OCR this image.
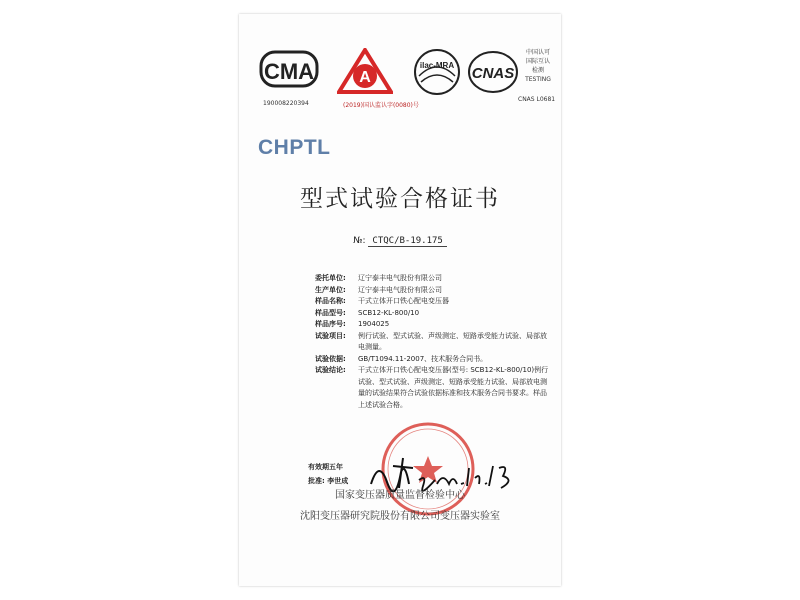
CMA
190008220394
A
(2019)国认监认字(0080)号
ilac-MRA CNAS
中国认可
国际互认
检测
TESTING
CNAS L0681
CHPTL
型式试验合格证书
№: CTQC/B-19.175
委托单位:	辽宁泰丰电气股份有限公司
生产单位:	辽宁泰丰电气股份有限公司
样品名称:	干式立体开口铁心配电变压器
样品型号:	SCB12-KL-800/10
样品序号:	1904025
试验项目:	例行试验、型式试验、声级测定、短路承受能力试验、局部放电测量。
试验依据:	GB/T1094.11-2007、技术服务合同书。
试验结论:	干式立体开口铁心配电变压器(型号: SCB12-KL-800/10)例行试验、型式试验、声级测定、短路承受能力试验、局部放电测量的试验结果符合试验依据标准和技术服务合同书要求。样品上述试验合格。
有效期五年
批准: 李世成
国家变压器质量监督检验中心
沈阳变压器研究院股份有限公司变压器实验室
